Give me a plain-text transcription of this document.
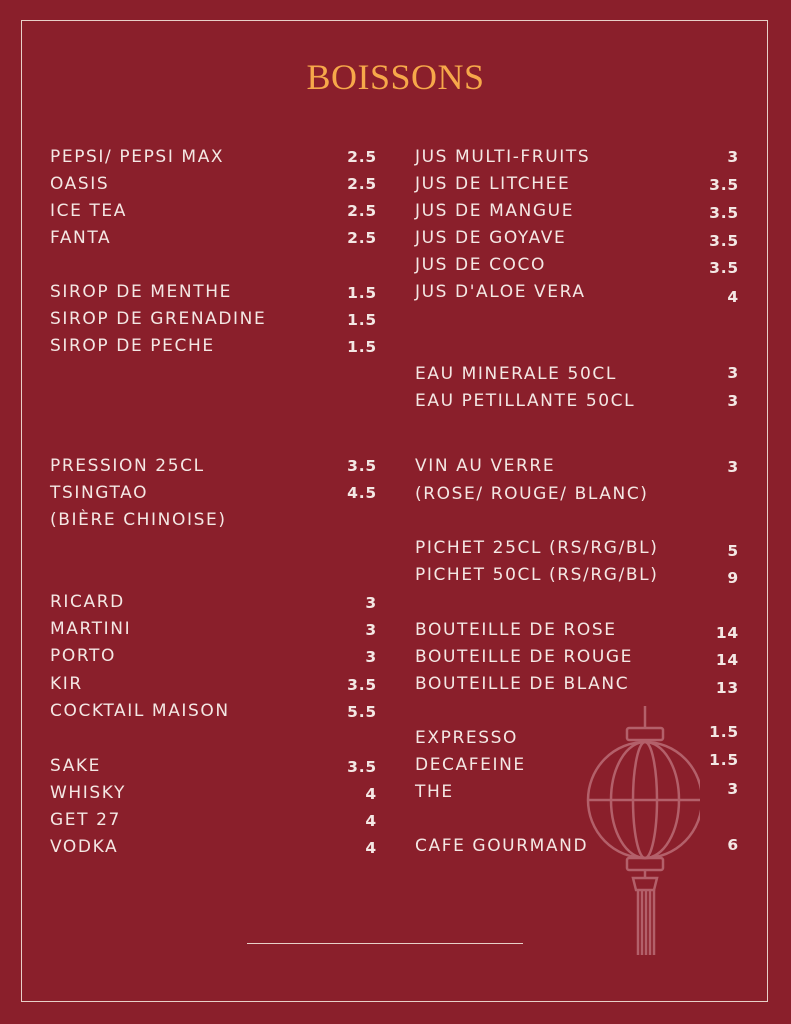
BOISSONS
PEPSI/ PEPSI MAX	2.5
OASIS	2.5
ICE TEA	2.5
FANTA	2.5
SIROP DE MENTHE	1.5
SIROP DE GRENADINE	1.5
SIROP DE PECHE	1.5
PRESSION 25CL	3.5
TSINGTAO	4.5
(BIÈRE CHINOISE)
RICARD	3
MARTINI	3
PORTO	3
KIR	3.5
COCKTAIL MAISON	5.5
SAKE	3.5
WHISKY	4
GET 27	4
VODKA	4
JUS MULTI-FRUITS	3
JUS DE LITCHEE	3.5
JUS DE MANGUE	3.5
JUS DE GOYAVE	3.5
JUS DE COCO	3.5
JUS D'ALOE VERA	4
EAU MINERALE 50CL	3
EAU PETILLANTE 50CL	3
VIN AU VERRE	3
(ROSE/ ROUGE/ BLANC)
PICHET 25CL (RS/RG/BL)	5
PICHET 50CL (RS/RG/BL)	9
BOUTEILLE DE ROSE	14
BOUTEILLE DE ROUGE	14
BOUTEILLE DE BLANC	13
EXPRESSO	1.5
DECAFEINE	1.5
THE	3
CAFE GOURMAND	6
